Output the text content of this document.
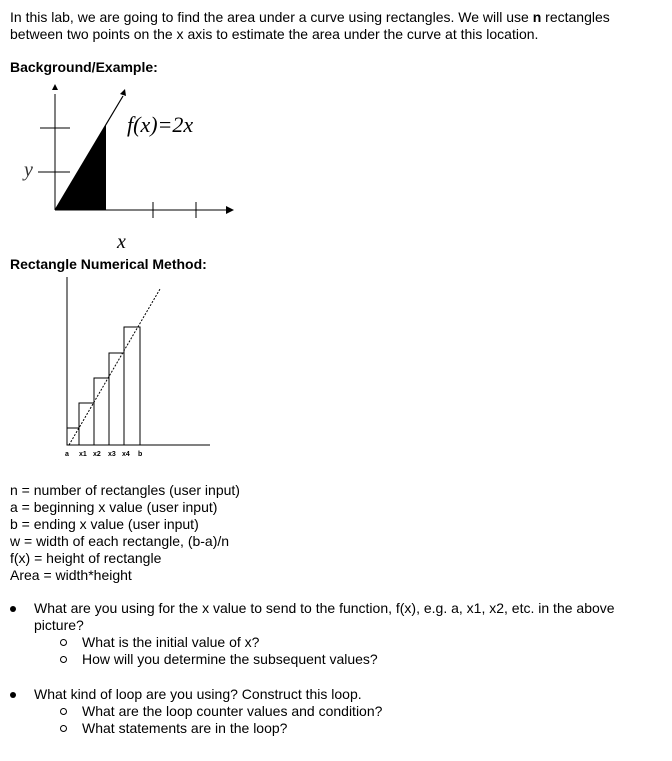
In this lab, we are going to find the area under a curve using rectangles. We will use n rectangles between two points on the x axis to estimate the area under the curve at this location.

Background/Example:

f(x)=2x
y
x

Rectangle Numerical Method:

a x1 x2 x3 x4 b
n = number of rectangles (user input)
a = beginning x value (user input)
b = ending x value (user input)
w = width of each rectangle, (b-a)/n
f(x) = height of rectangle
Area = width*height
What are you using for the x value to send to the function, f(x), e.g. a, x1, x2, etc. in the above picture?
What is the initial value of x?
How will you determine the subsequent values?
What kind of loop are you using? Construct this loop.
What are the loop counter values and condition?
What statements are in the loop?
